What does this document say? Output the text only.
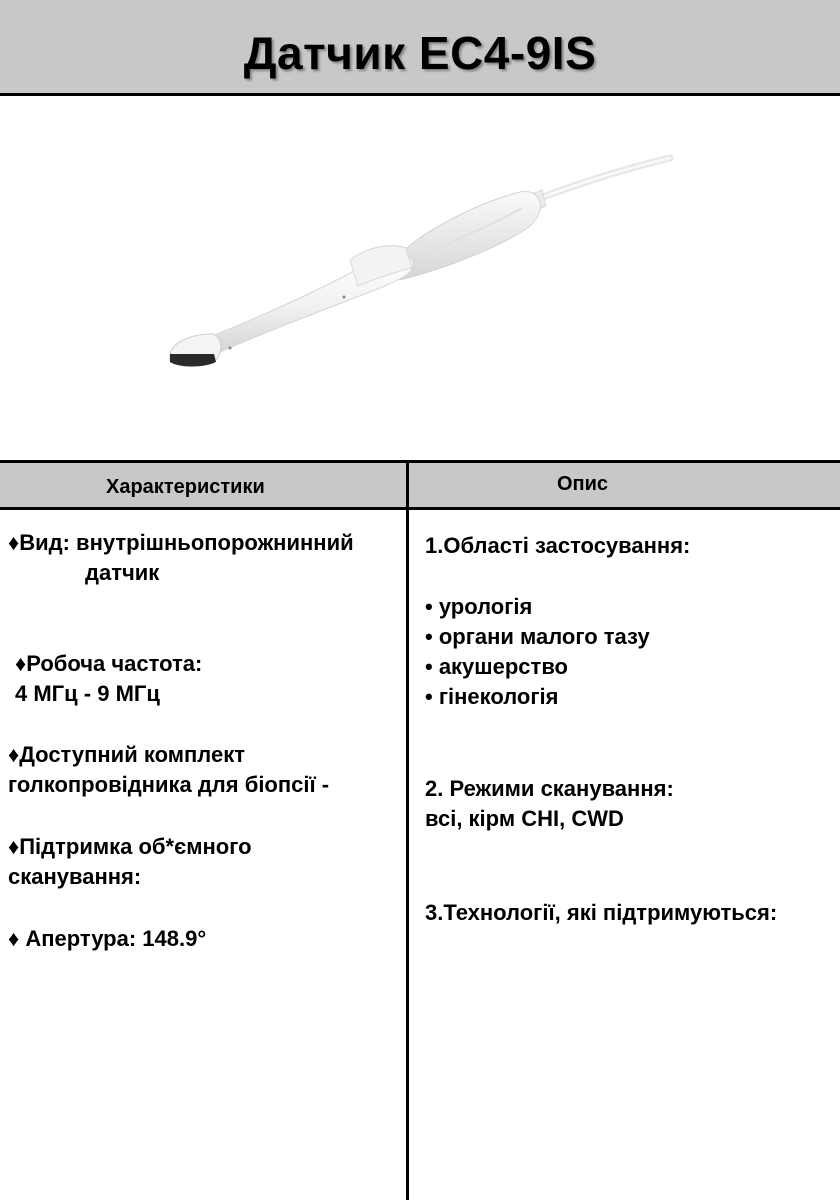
Датчик EC4-9IS
Характеристики	Опис
♦Вид: внутрішньопорожнинний
датчик
♦Робоча частота:
4 МГц - 9 МГц
♦Доступний комплект
голкопровідника для біопсії -
♦Підтримка об*ємного
сканування:
♦ Апертура: 148.9°
1.Області застосування:
• урологія
• органи малого тазу
• акушерство
• гінекологія
2. Режими сканування:
всі, кірм CHI, CWD
3.Технології, які підтримуються:
